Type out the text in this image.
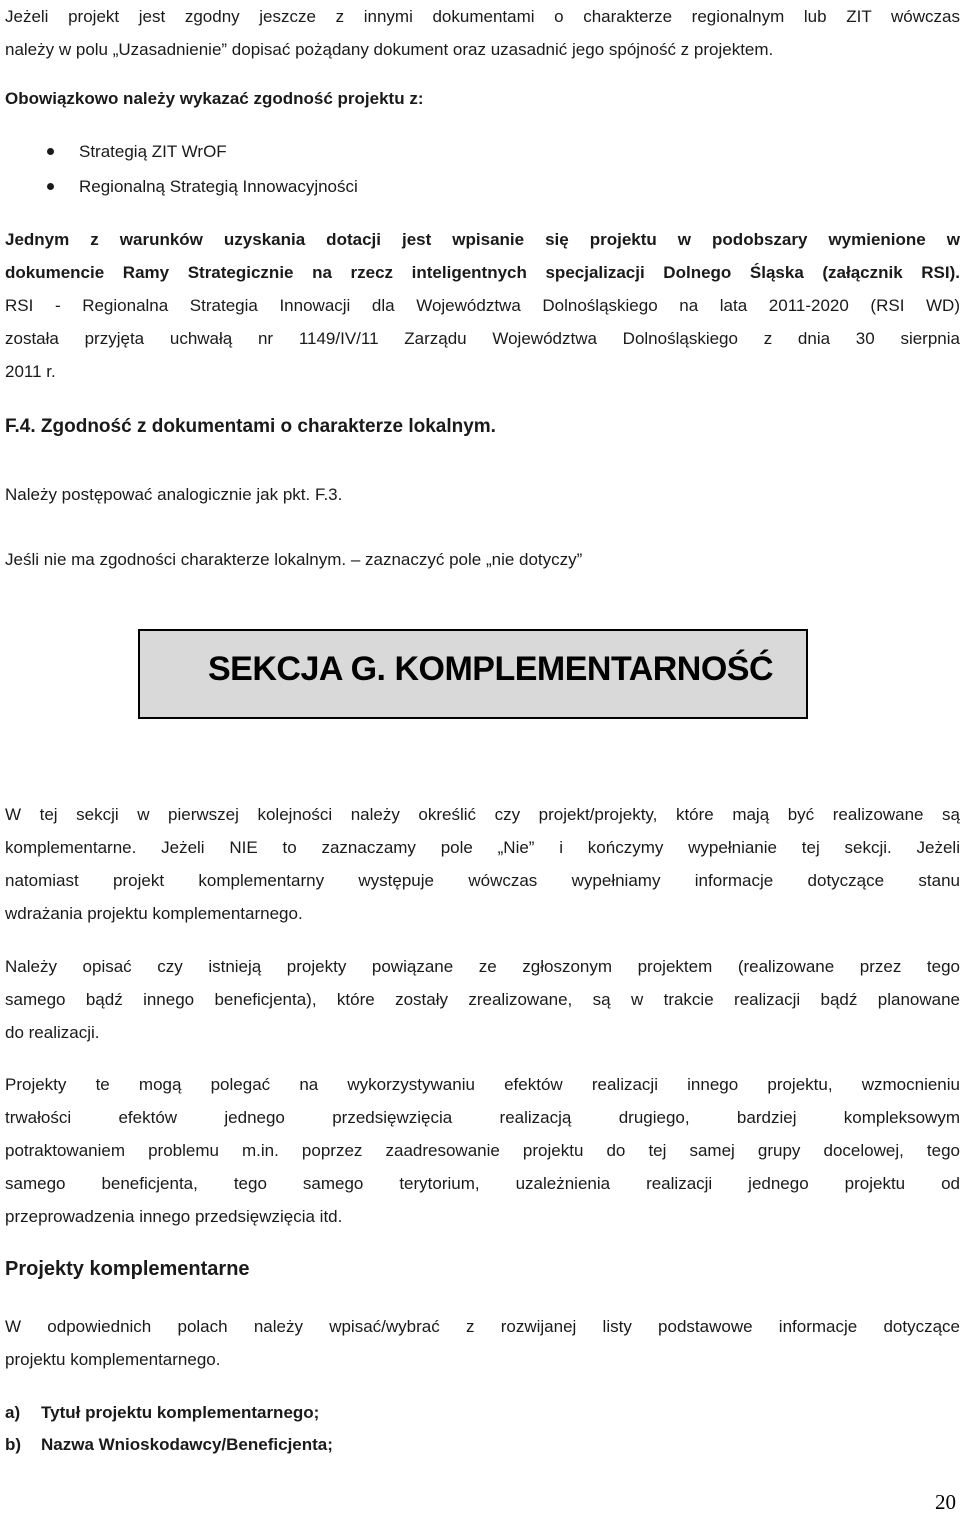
Jeżeli projekt jest zgodny jeszcze z innymi dokumentami o charakterze regionalnym lub ZIT wówczas
należy w polu „Uzasadnienie” dopisać pożądany dokument oraz uzasadnić jego spójność z projektem.

Obowiązkowo należy wykazać zgodność projektu z:

Strategią ZIT WrOF
Regionalną Strategią Innowacyjności

Jednym z warunków uzyskania dotacji jest wpisanie się projektu w podobszary wymienione w
dokumencie Ramy Strategicznie na rzecz inteligentnych specjalizacji Dolnego Śląska (załącznik RSI).

RSI - Regionalna Strategia Innowacji dla Województwa Dolnośląskiego na lata 2011-2020 (RSI WD)
została przyjęta uchwałą nr 1149/IV/11 Zarządu Województwa Dolnośląskiego z dnia 30 sierpnia
2011 r.

F.4. Zgodność z dokumentami o charakterze lokalnym.

Należy postępować analogicznie jak pkt. F.3.

Jeśli nie ma zgodności charakterze lokalnym. – zaznaczyć pole „nie dotyczy”

SEKCJA G. KOMPLEMENTARNOŚĆ

W tej sekcji w pierwszej kolejności należy określić czy projekt/projekty, które mają być realizowane są
komplementarne. Jeżeli NIE to zaznaczamy pole „Nie” i kończymy wypełnianie tej sekcji. Jeżeli
natomiast projekt komplementarny występuje wówczas wypełniamy informacje dotyczące stanu
wdrażania projektu komplementarnego.

Należy opisać czy istnieją projekty powiązane ze zgłoszonym projektem (realizowane przez tego
samego bądź innego beneficjenta), które zostały zrealizowane, są w trakcie realizacji bądź planowane
do realizacji.

Projekty te mogą polegać na wykorzystywaniu efektów realizacji innego projektu, wzmocnieniu
trwałości efektów jednego przedsięwzięcia realizacją drugiego, bardziej kompleksowym
potraktowaniem problemu m.in. poprzez zaadresowanie projektu do tej samej grupy docelowej, tego
samego beneficjenta, tego samego terytorium, uzależnienia realizacji jednego projektu od
przeprowadzenia innego przedsięwzięcia itd.

Projekty komplementarne

W odpowiednich polach należy wpisać/wybrać z rozwijanej listy podstawowe informacje dotyczące
projektu komplementarnego.

a) Tytuł projektu komplementarnego;
b) Nazwa Wnioskodawcy/Beneficjenta;
20
